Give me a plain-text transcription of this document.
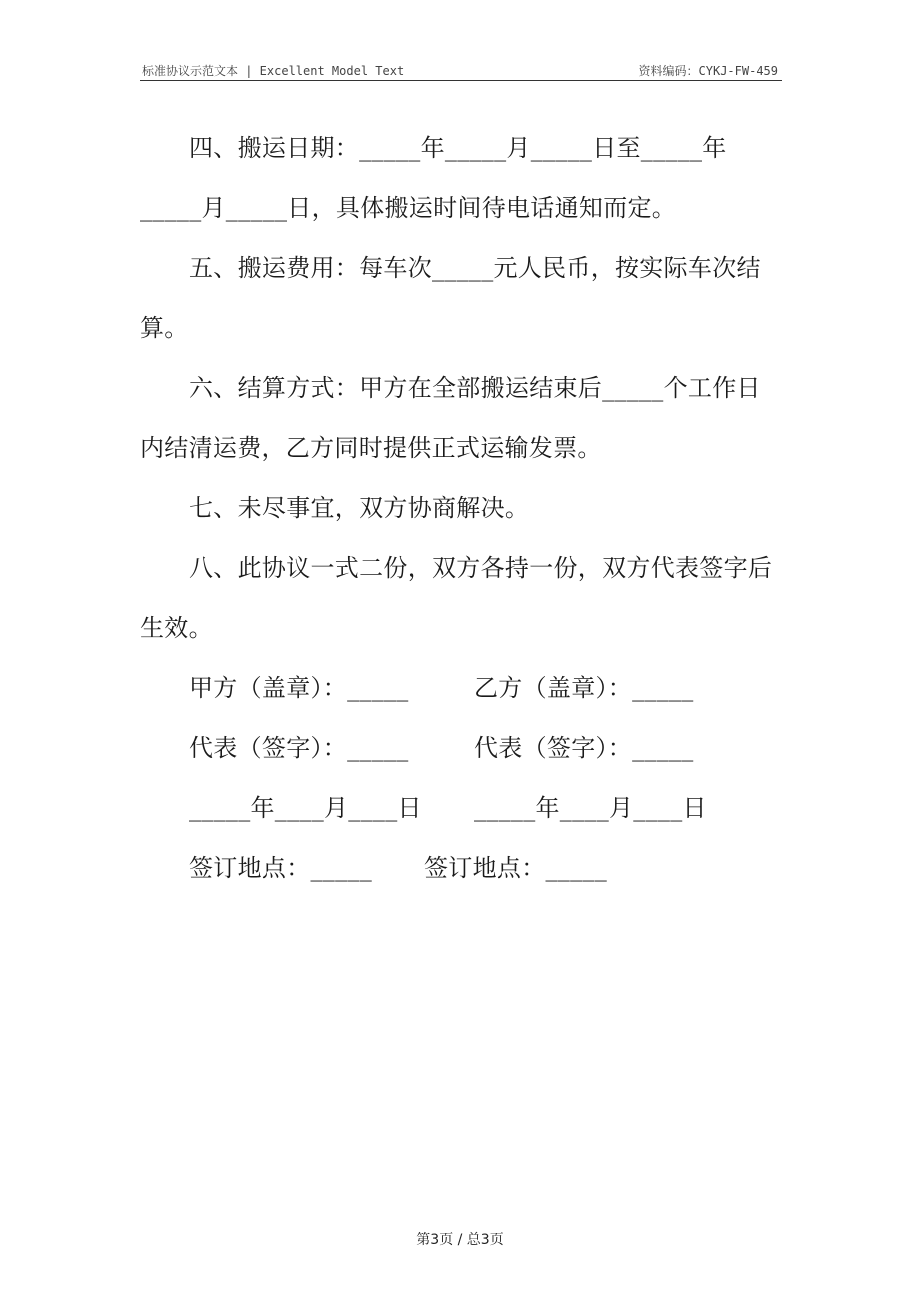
标准协议示范文本 | Excellent Model Text	资料编码：CYKJ-FW-459

四、搬运日期：_____年_____月_____日至_____年_____月_____日，具体搬运时间待电话通知而定。

五、搬运费用：每车次_____元人民币，按实际车次结算。

六、结算方式：甲方在全部搬运结束后_____个工作日内结清运费，乙方同时提供正式运输发票。

七、未尽事宜，双方协商解决。

八、此协议一式二份，双方各持一份，双方代表签字后生效。

甲方（盖章）：_____	乙方（盖章）：_____
代表（签字）：_____	代表（签字）：_____
_____年____月____日 _____年____月____日
签订地点：_____ 签订地点：_____
第3页 / 总3页
